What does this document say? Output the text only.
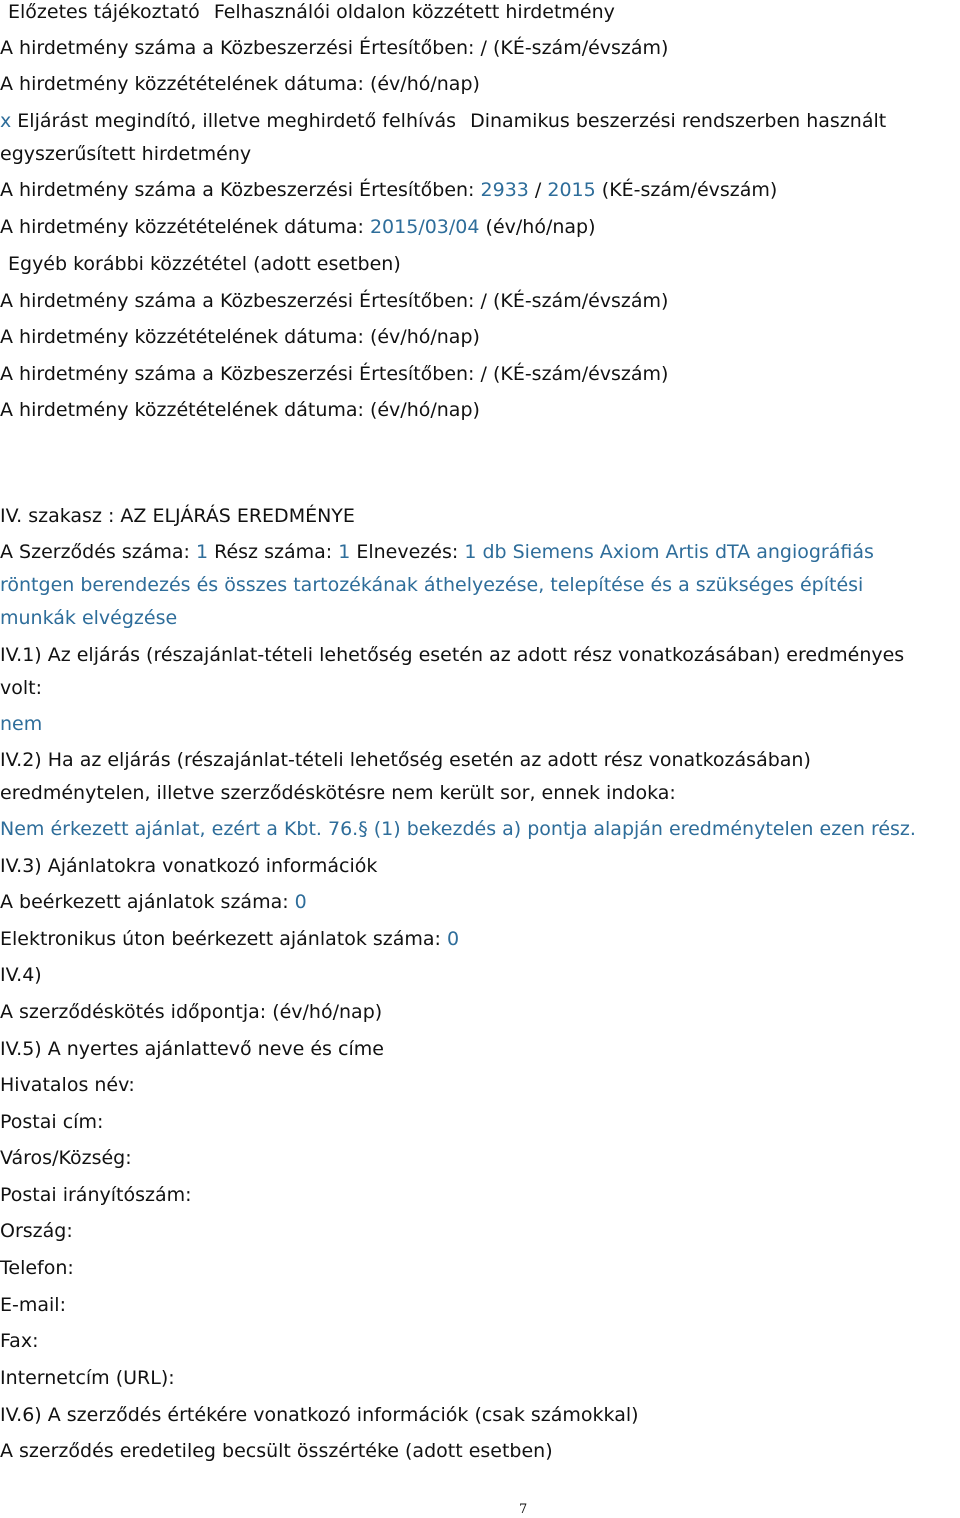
Előzetes tájékoztató Felhasználói oldalon közzétett hirdetmény
A hirdetmény száma a Közbeszerzési Értesítőben: / (KÉ-szám/évszám)
A hirdetmény közzétételének dátuma: (év/hó/nap)
x Eljárást megindító, illetve meghirdető felhívás Dinamikus beszerzési rendszerben használt
egyszerűsített hirdetmény
A hirdetmény száma a Közbeszerzési Értesítőben: 2933 / 2015 (KÉ-szám/évszám)
A hirdetmény közzétételének dátuma: 2015/03/04 (év/hó/nap)
Egyéb korábbi közzététel (adott esetben)
A hirdetmény száma a Közbeszerzési Értesítőben: / (KÉ-szám/évszám)
A hirdetmény közzétételének dátuma: (év/hó/nap)
A hirdetmény száma a Közbeszerzési Értesítőben: / (KÉ-szám/évszám)
A hirdetmény közzétételének dátuma: (év/hó/nap)
IV. szakasz : AZ ELJÁRÁS EREDMÉNYE
A Szerződés száma: 1 Rész száma: 1 Elnevezés: 1 db Siemens Axiom Artis dTA angiográfiás
röntgen berendezés és összes tartozékának áthelyezése, telepítése és a szükséges építési
munkák elvégzése
IV.1) Az eljárás (részajánlat-tételi lehetőség esetén az adott rész vonatkozásában) eredményes
volt:
nem
IV.2) Ha az eljárás (részajánlat-tételi lehetőség esetén az adott rész vonatkozásában)
eredménytelen, illetve szerződéskötésre nem került sor, ennek indoka:
Nem érkezett ajánlat, ezért a Kbt. 76.§ (1) bekezdés a) pontja alapján eredménytelen ezen rész.
IV.3) Ajánlatokra vonatkozó információk
A beérkezett ajánlatok száma: 0
Elektronikus úton beérkezett ajánlatok száma: 0
IV.4)
A szerződéskötés időpontja: (év/hó/nap)
IV.5) A nyertes ajánlattevő neve és címe
Hivatalos név:
Postai cím:
Város/Község:
Postai irányítószám:
Ország:
Telefon:
E-mail:
Fax:
Internetcím (URL):
IV.6) A szerződés értékére vonatkozó információk (csak számokkal)
A szerződés eredetileg becsült összértéke (adott esetben)
7
